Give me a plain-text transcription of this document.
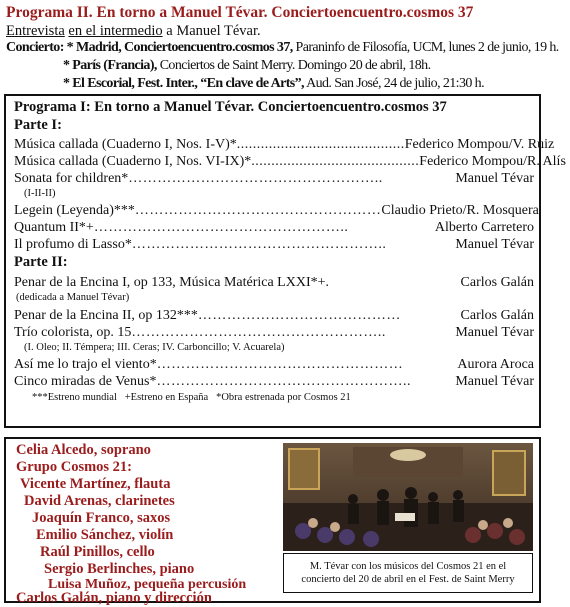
Programa II. En torno a Manuel Tévar. Conciertoencuentro.cosmos 37
Entrevista en el intermedio a Manuel Tévar.
Concierto: * Madrid, Conciertoencuentro.cosmos 37, Paraninfo de Filosofía, UCM, lunes 2 de junio, 19 h.
* París (Francia), Conciertos de Saint Merry. Domingo 20 de abril, 18h.
* El Escorial, Fest. Inter., “En clave de Arts”, Aud. San José, 24 de julio, 21:30 h.
Programa I: En torno a Manuel Tévar. Conciertoencuentro.cosmos 37
Parte I:
Música callada (Cuaderno I, Nos. I-V)* .......................................... Federico Mompou/V. Ruiz
Música callada (Cuaderno I, Nos. VI-IX)* .......................................... Federico Mompou/R. Alís
Sonata for children* ……………………………………………..	Manuel Tévar
(I-II-II)
Legein (Leyenda)*** …………………………………………… Claudio Prieto/R. Mosquera
Quantum II*+ ……………………………………………..	Alberto Carretero
Il profumo di Lasso* ……………………………………………..	Manuel Tévar
Parte II:
Penar de la Encina I, op 133, Música Matérica LXXI*+ .	Carlos Galán
(dedicada a Manuel Tévar)
Penar de la Encina II, op 132*** ……………………………………	Carlos Galán
Trío colorista, op. 15 ……………………………………………..	Manuel Tévar
(I. Oleo; II. Témpera; III. Ceras; IV. Carboncillo; V. Acuarela)
Así me lo trajo el viento* ……………………………………………	Aurora Aroca
Cinco miradas de Venus* ……………………………………………..	Manuel Tévar
***Estreno mundial   +Estreno en España   *Obra estrenada por Cosmos 21
Celia Alcedo, soprano
Grupo Cosmos 21:
Vicente Martínez, flauta
David Arenas, clarinetes
Joaquín Franco, saxos
Emilio Sánchez, violín
Raúl Pinillos, cello
Sergio Berlinches, piano
Luisa Muñoz, pequeña percusión
Carlos Galán, piano y dirección
M. Tévar con los músicos del Cosmos 21 en el
concierto del 20 de abril en el Fest. de Saint Merry
